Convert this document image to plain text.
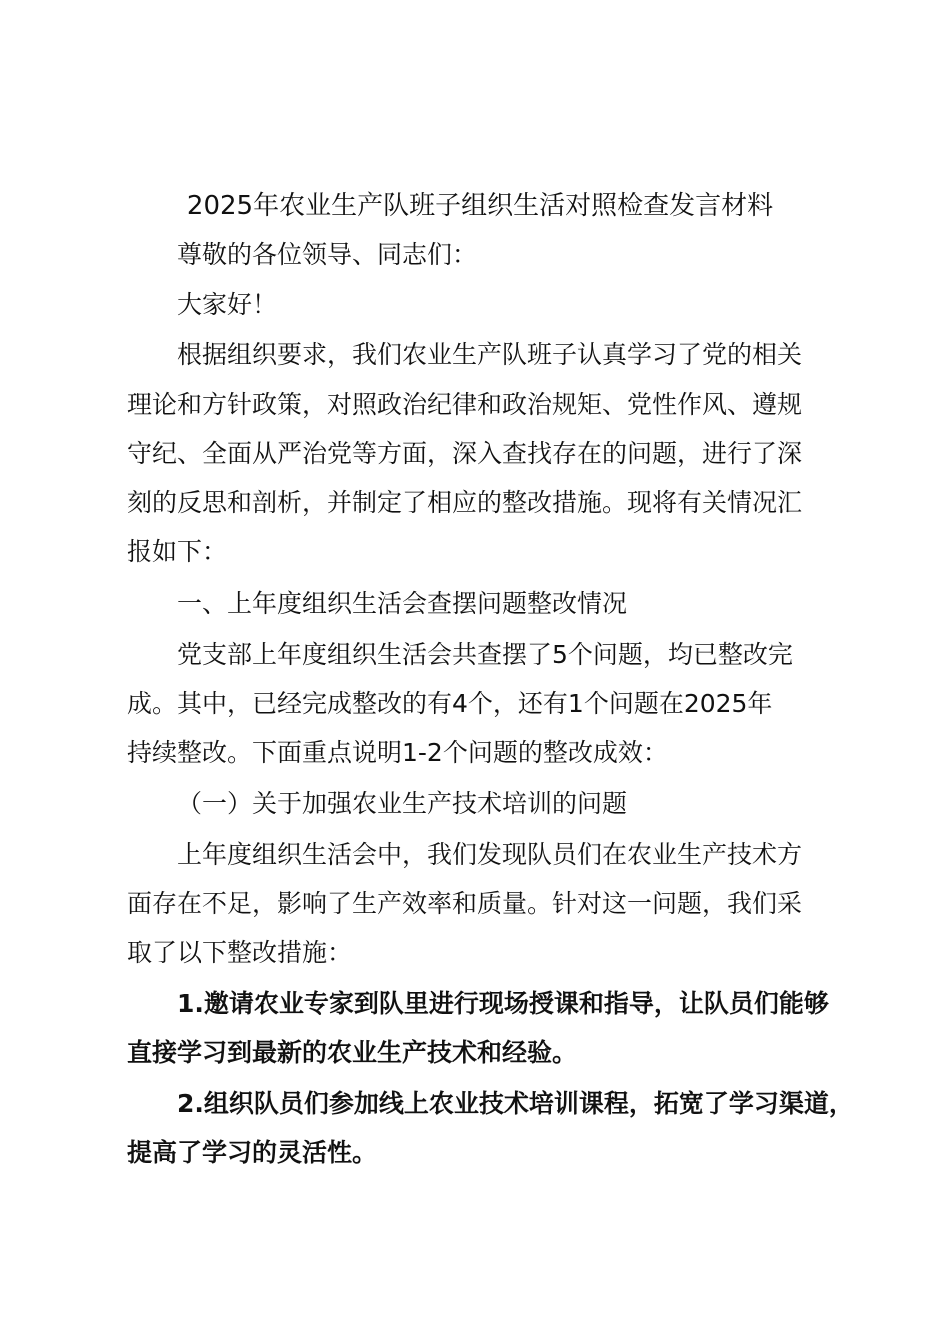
2025年农业生产队班子组织生活对照检查发言材料

尊敬的各位领导、同志们：

大家好！

根据组织要求，我们农业生产队班子认真学习了党的相关

理论和方针政策，对照政治纪律和政治规矩、党性作风、遵规

守纪、全面从严治党等方面，深入查找存在的问题，进行了深

刻的反思和剖析，并制定了相应的整改措施。现将有关情况汇

报如下：

一、上年度组织生活会查摆问题整改情况

党支部上年度组织生活会共查摆了5个问题，均已整改完

成。其中，已经完成整改的有4个，还有1个问题在2025年

持续整改。下面重点说明1-2个问题的整改成效：

（一）关于加强农业生产技术培训的问题

上年度组织生活会中，我们发现队员们在农业生产技术方

面存在不足，影响了生产效率和质量。针对这一问题，我们采

取了以下整改措施：

1.邀请农业专家到队里进行现场授课和指导，让队员们能够

直接学习到最新的农业生产技术和经验。

2.组织队员们参加线上农业技术培训课程，拓宽了学习渠道，

提高了学习的灵活性。
